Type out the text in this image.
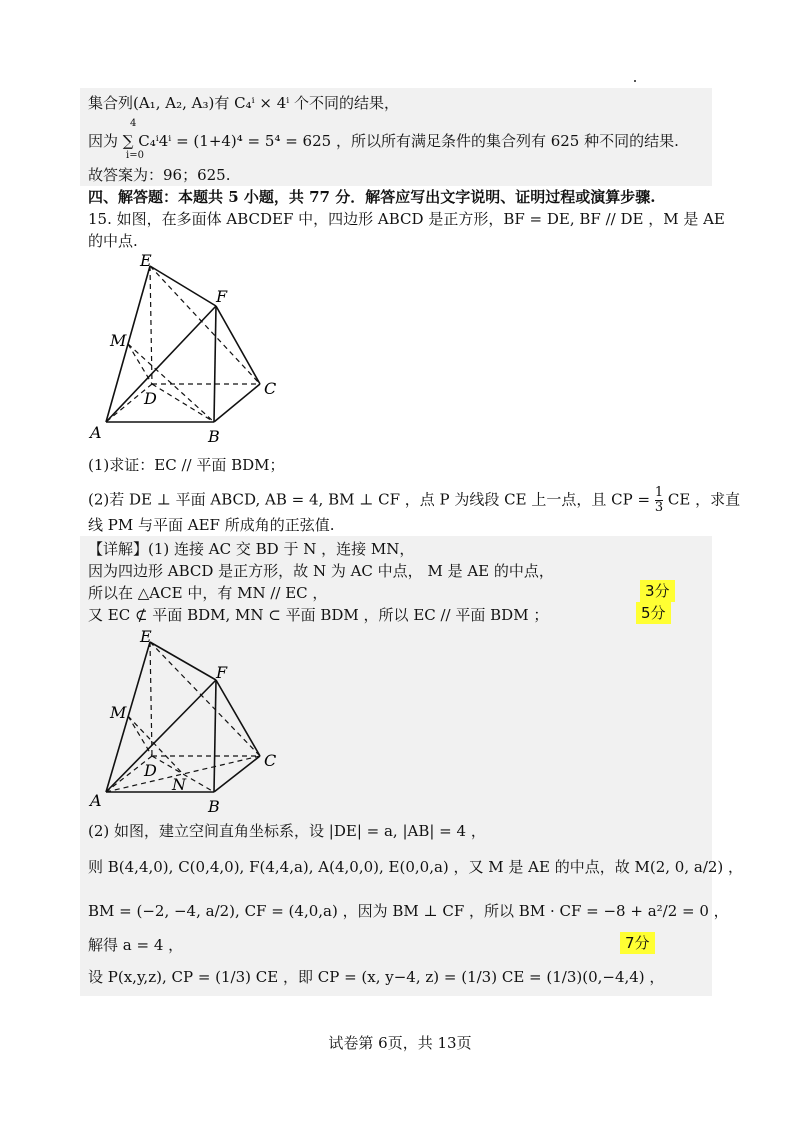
集合列(A₁, A₂, A₃)有 C₄ⁱ × 4ⁱ 个不同的结果，
因为 ∑ C₄ⁱ4ⁱ = (1+4)⁴ = 5⁴ = 625 ，所以所有满足条件的集合列有 625 种不同的结果.
4
i=0
故答案为：96；625.
四、解答题：本题共 5 小题，共 77 分．解答应写出文字说明、证明过程或演算步骤.
15. 如图，在多面体 ABCDEF 中，四边形 ABCD 是正方形，BF = DE, BF // DE ，M 是 AE
的中点.
E
F
M
D
C
A	B
(1)求证：EC // 平面 BDM；
(2)若 DE ⊥ 平面 ABCD, AB = 4, BM ⊥ CF ，点 P 为线段 CE 上一点，且 CP = $\frac{1}{3}$ CE ，求直
线 PM 与平面 AEF 所成角的正弦值.
【详解】(1) 连接 AC 交 BD 于 N ，连接 MN，
因为四边形 ABCD 是正方形，故 N 为 AC 中点， M 是 AE 的中点，
所以在 △ACE 中，有 MN // EC ，
又 EC ⊄ 平面 BDM, MN ⊂ 平面 BDM ，所以 EC // 平面 BDM ；
3分
5分
E
F
M
D
C
N
A	B
(2) 如图，建立空间直角坐标系，设 |DE| = a, |AB| = 4 ，
则 B(4,4,0), C(0,4,0), F(4,4,a), A(4,0,0), E(0,0,a) ，又 M 是 AE 的中点，故 M(2, 0, a/2) ，
BM = (−2, −4, a/2), CF = (4,0,a) ，因为 BM ⊥ CF ，所以 BM · CF = −8 + a²/2 = 0 ，
解得 a = 4 ，	7分
设 P(x,y,z), CP = (1/3) CE ，即 CP = (x, y−4, z) = (1/3) CE = (1/3)(0,−4,4) ，
试卷第 6页，共 13页
